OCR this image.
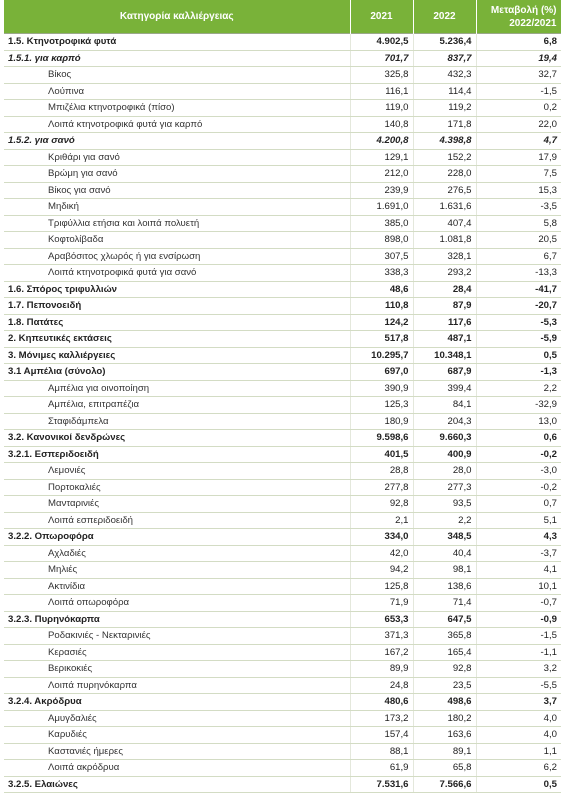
Κατηγορία καλλιέργειας	2021	2022	Μεταβολή (%)
2022/2021
1.5. Κτηνοτροφικά φυτά	4.902,5	5.236,4	6,8
1.5.1. για καρπό	701,7	837,7	19,4
Βίκος	325,8	432,3	32,7
Λούπινα	116,1	114,4	-1,5
Μπιζέλια κτηνοτροφικά (πίσο)	119,0	119,2	0,2
Λοιπά κτηνοτροφικά φυτά για καρπό	140,8	171,8	22,0
1.5.2. για σανό	4.200,8	4.398,8	4,7
Κριθάρι για σανό	129,1	152,2	17,9
Βρώμη για σανό	212,0	228,0	7,5
Βίκος για σανό	239,9	276,5	15,3
Μηδική	1.691,0	1.631,6	-3,5
Τριφύλλια ετήσια και λοιπά πολυετή	385,0	407,4	5,8
Κοφτολίβαδα	898,0	1.081,8	20,5
Αραβόσιτος χλωρός ή για ενσίρωση	307,5	328,1	6,7
Λοιπά κτηνοτροφικά φυτά για σανό	338,3	293,2	-13,3
1.6. Σπόρος τριφυλλιών	48,6	28,4	-41,7
1.7. Πεπονοειδή	110,8	87,9	-20,7
1.8. Πατάτες	124,2	117,6	-5,3
2. Κηπευτικές εκτάσεις	517,8	487,1	-5,9
3. Μόνιμες καλλιέργειες	10.295,7	10.348,1	0,5
3.1 Αμπέλια (σύνολο)	697,0	687,9	-1,3
Αμπέλια για οινοποίηση	390,9	399,4	2,2
Αμπέλια, επιτραπέζια	125,3	84,1	-32,9
Σταφιδάμπελα	180,9	204,3	13,0
3.2. Κανονικοί δενδρώνες	9.598,6	9.660,3	0,6
3.2.1. Εσπεριδοειδή	401,5	400,9	-0,2
Λεμονιές	28,8	28,0	-3,0
Πορτοκαλιές	277,8	277,3	-0,2
Μανταρινιές	92,8	93,5	0,7
Λοιπά εσπεριδοειδή	2,1	2,2	5,1
3.2.2. Οπωροφόρα	334,0	348,5	4,3
Αχλαδιές	42,0	40,4	-3,7
Μηλιές	94,2	98,1	4,1
Ακτινίδια	125,8	138,6	10,1
Λοιπά οπωροφόρα	71,9	71,4	-0,7
3.2.3. Πυρηνόκαρπα	653,3	647,5	-0,9
Ροδακινιές - Νεκταρινιές	371,3	365,8	-1,5
Κερασιές	167,2	165,4	-1,1
Βερικοκιές	89,9	92,8	3,2
Λοιπά πυρηνόκαρπα	24,8	23,5	-5,5
3.2.4. Ακρόδρυα	480,6	498,6	3,7
Αμυγδαλιές	173,2	180,2	4,0
Καρυδιές	157,4	163,6	4,0
Καστανιές ήμερες	88,1	89,1	1,1
Λοιπά ακρόδρυα	61,9	65,8	6,2
3.2.5. Ελαιώνες	7.531,6	7.566,6	0,5
